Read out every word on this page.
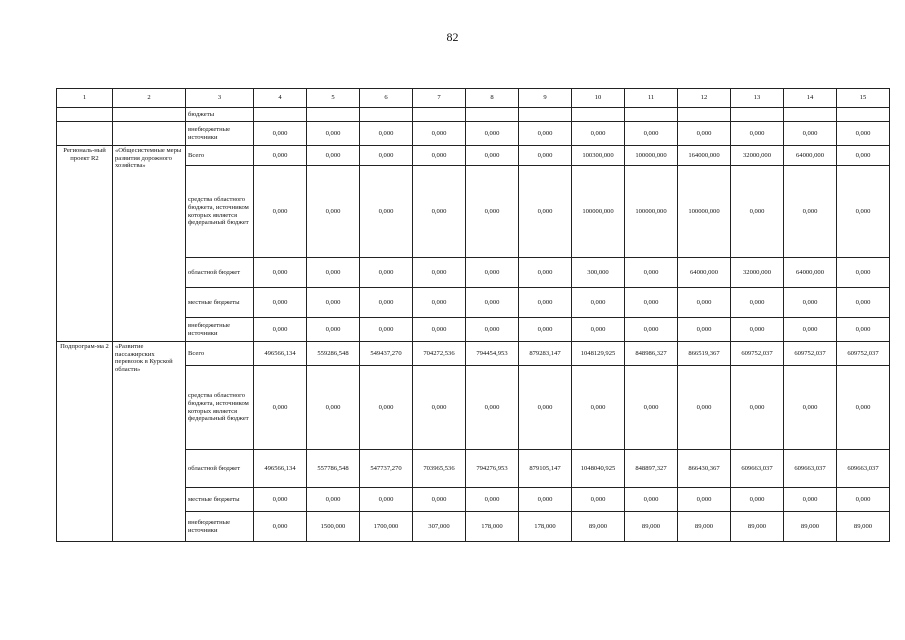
82
1	2	3	4	5	6	7	8	9	10	11	12	13	14	15
		бюджеты												
		внебюджетные источники	0,000	0,000	0,000	0,000	0,000	0,000	0,000	0,000	0,000	0,000	0,000	0,000
Региональ-ный проект R2	«Общесистемные меры развития дорожного хозяйства»	Всего	0,000	0,000	0,000	0,000	0,000	0,000	100300,000	100000,000	164000,000	32000,000	64000,000	0,000
		средства областного бюджета, источником которых является федеральный бюджет	0,000	0,000	0,000	0,000	0,000	0,000	100000,000	100000,000	100000,000	0,000	0,000	0,000
		областной бюджет	0,000	0,000	0,000	0,000	0,000	0,000	300,000	0,000	64000,000	32000,000	64000,000	0,000
		местные бюджеты	0,000	0,000	0,000	0,000	0,000	0,000	0,000	0,000	0,000	0,000	0,000	0,000
		внебюджетные источники	0,000	0,000	0,000	0,000	0,000	0,000	0,000	0,000	0,000	0,000	0,000	0,000
Подпрограм-ма 2	«Развитие пассажирских перевозок в Курской области»	Всего	496566,134	559286,548	549437,270	704272,536	794454,953	879283,147	1048129,925	848986,327	866519,367	609752,037	609752,037	609752,037
		средства областного бюджета, источником которых является федеральный бюджет	0,000	0,000	0,000	0,000	0,000	0,000	0,000	0,000	0,000	0,000	0,000	0,000
		областной бюджет	496566,134	557786,548	547737,270	703965,536	794276,953	879105,147	1048040,925	848897,327	866430,367	609663,037	609663,037	609663,037
		местные бюджеты	0,000	0,000	0,000	0,000	0,000	0,000	0,000	0,000	0,000	0,000	0,000	0,000
		внебюджетные источники	0,000	1500,000	1700,000	307,000	178,000	178,000	89,000	89,000	89,000	89,000	89,000	89,000
